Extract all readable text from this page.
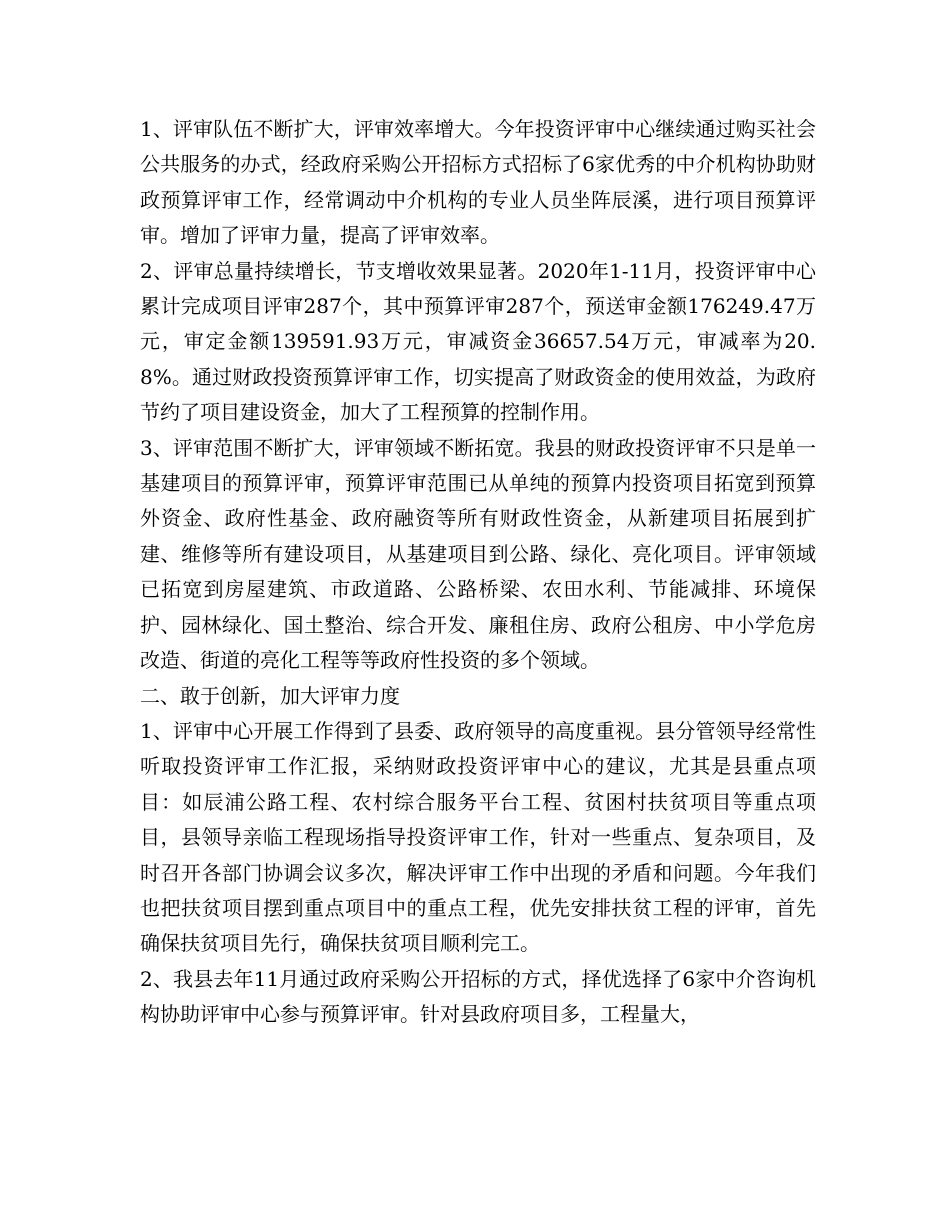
1、评审队伍不断扩大，评审效率增大。今年投资评审中心继续通过购买社会公共服务的办式，经政府采购公开招标方式招标了6家优秀的中介机构协助财政预算评审工作，经常调动中介机构的专业人员坐阵辰溪，进行项目预算评审。增加了评审力量，提高了评审效率。

2、评审总量持续增长，节支增收效果显著。2020年1-11月，投资评审中心累计完成项目评审287个，其中预算评审287个，预送审金额176249.47万元，审定金额139591.93万元，审减资金36657.54万元，审减率为20.8%。通过财政投资预算评审工作，切实提高了财政资金的使用效益，为政府节约了项目建设资金，加大了工程预算的控制作用。

3、评审范围不断扩大，评审领域不断拓宽。我县的财政投资评审不只是单一基建项目的预算评审，预算评审范围已从单纯的预算内投资项目拓宽到预算外资金、政府性基金、政府融资等所有财政性资金，从新建项目拓展到扩建、维修等所有建设项目，从基建项目到公路、绿化、亮化项目。评审领域已拓宽到房屋建筑、市政道路、公路桥梁、农田水利、节能减排、环境保护、园林绿化、国土整治、综合开发、廉租住房、政府公租房、中小学危房改造、街道的亮化工程等等政府性投资的多个领域。

二、敢于创新，加大评审力度

1、评审中心开展工作得到了县委、政府领导的高度重视。县分管领导经常性听取投资评审工作汇报，采纳财政投资评审中心的建议，尤其是县重点项目：如辰浦公路工程、农村综合服务平台工程、贫困村扶贫项目等重点项目，县领导亲临工程现场指导投资评审工作，针对一些重点、复杂项目，及时召开各部门协调会议多次，解决评审工作中出现的矛盾和问题。今年我们也把扶贫项目摆到重点项目中的重点工程，优先安排扶贫工程的评审，首先确保扶贫项目先行，确保扶贫项目顺利完工。

2、我县去年11月通过政府采购公开招标的方式，择优选择了6家中介咨询机构协助评审中心参与预算评审。针对县政府项目多，工程量大，
